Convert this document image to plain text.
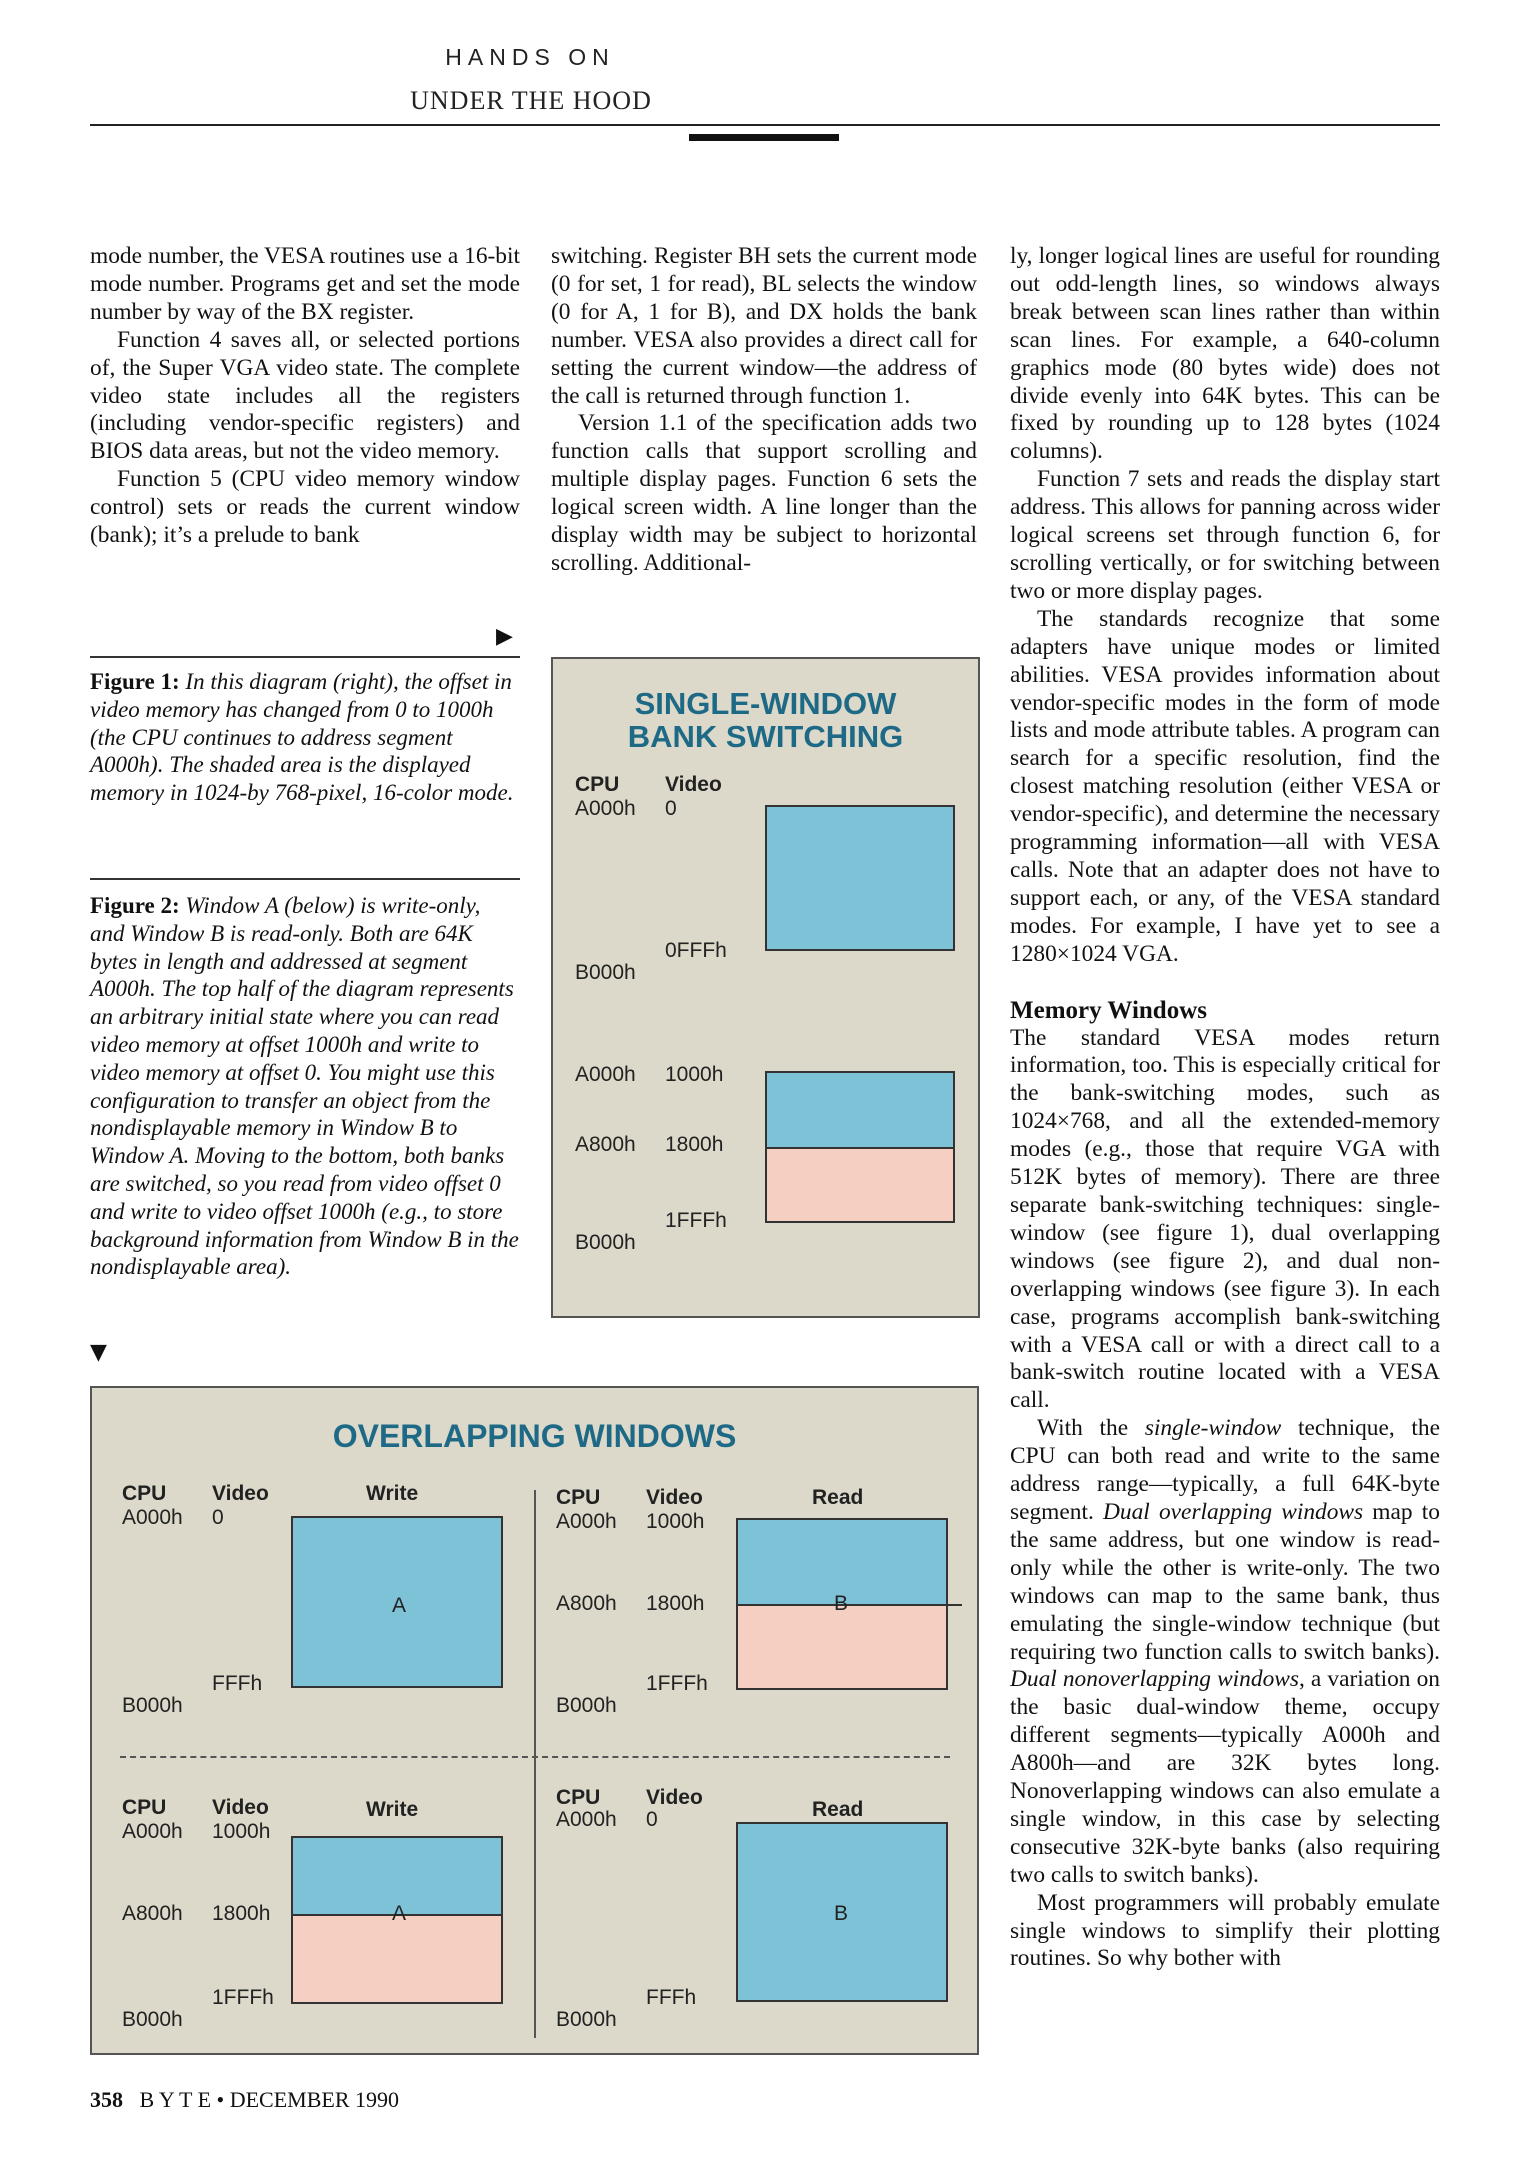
HANDS ON
UNDER THE HOOD

mode number, the VESA routines use a 16-bit mode number. Programs get and set the mode number by way of the BX register.

Function 4 saves all, or selected portions of, the Super VGA video state. The complete video state includes all the registers (including vendor-specific registers) and BIOS data areas, but not the video memory.

Function 5 (CPU video memory window control) sets or reads the current window (bank); it’s a prelude to bank

▶
Figure 1: In this diagram (right), the offset in video memory has changed from 0 to 1000h (the CPU continues to address segment A000h). The shaded area is the displayed memory in 1024-by 768-pixel, 16-color mode.
Figure 2: Window A (below) is write-only, and Window B is read-only. Both are 64K bytes in length and addressed at segment A000h. The top half of the diagram represents an arbitrary initial state where you can read video memory at offset 1000h and write to video memory at offset 0. You might use this configuration to transfer an object from the nondisplayable memory in Window B to Window A. Moving to the bottom, both banks are switched, so you read from video offset 0 and write to video offset 1000h (e.g., to store background information from Window B in the nondisplayable area).
▼

switching. Register BH sets the current mode (0 for set, 1 for read), BL selects the window (0 for A, 1 for B), and DX holds the bank number. VESA also provides a direct call for setting the current window—the address of the call is returned through function 1.

Version 1.1 of the specification adds two function calls that support scrolling and multiple display pages. Function 6 sets the logical screen width. A line longer than the display width may be subject to horizontal scrolling. Additional-

SINGLE-WINDOW
BANK SWITCHING
CPU Video
A000h 0
0FFFh
B000h
A000h 1000h
A800h 1800h
1FFFh
B000h
OVERLAPPING WINDOWS
CPU Video	Write
A000h 0
A
FFFh
B000h
CPU Video	Read
A000h 1000h
B
A800h 1800h
1FFFh
B000h
CPU Video	Write
A000h 1000h
A
A800h 1800h
1FFFh
B000h
CPU Video
Read
A000h 0
B
FFFh
B000h

ly, longer logical lines are useful for rounding out odd-length lines, so windows always break between scan lines rather than within scan lines. For example, a 640-column graphics mode (80 bytes wide) does not divide evenly into 64K bytes. This can be fixed by rounding up to 128 bytes (1024 columns).

Function 7 sets and reads the display start address. This allows for panning across wider logical screens set through function 6, for scrolling vertically, or for switching between two or more display pages.

The standards recognize that some adapters have unique modes or limited abilities. VESA provides information about vendor-specific modes in the form of mode lists and mode attribute tables. A program can search for a specific resolution, find the closest matching resolution (either VESA or vendor-specific), and determine the necessary programming information—all with VESA calls. Note that an adapter does not have to support each, or any, of the VESA standard modes. For example, I have yet to see a 1280×1024 VGA.

Memory Windows

The standard VESA modes return information, too. This is especially critical for the bank-switching modes, such as 1024×768, and all the extended-memory modes (e.g., those that require VGA with 512K bytes of memory). There are three separate bank-switching techniques: single-window (see figure 1), dual overlapping windows (see figure 2), and dual non-overlapping windows (see figure 3). In each case, programs accomplish bank-switching with a VESA call or with a direct call to a bank-switch routine located with a VESA call.

With the single-window technique, the CPU can both read and write to the same address range—typically, a full 64K-byte segment. Dual overlapping windows map to the same address, but one window is read-only while the other is write-only. The two windows can map to the same bank, thus emulating the single-window technique (but requiring two function calls to switch banks). Dual nonoverlapping windows, a variation on the basic dual-window theme, occupy different segments—typically A000h and A800h—and are 32K bytes long. Nonoverlapping windows can also emulate a single window, in this case by selecting consecutive 32K-byte banks (also requiring two calls to switch banks).

Most programmers will probably emulate single windows to simplify their plotting routines. So why bother with

358 B Y T E • DECEMBER 1990
